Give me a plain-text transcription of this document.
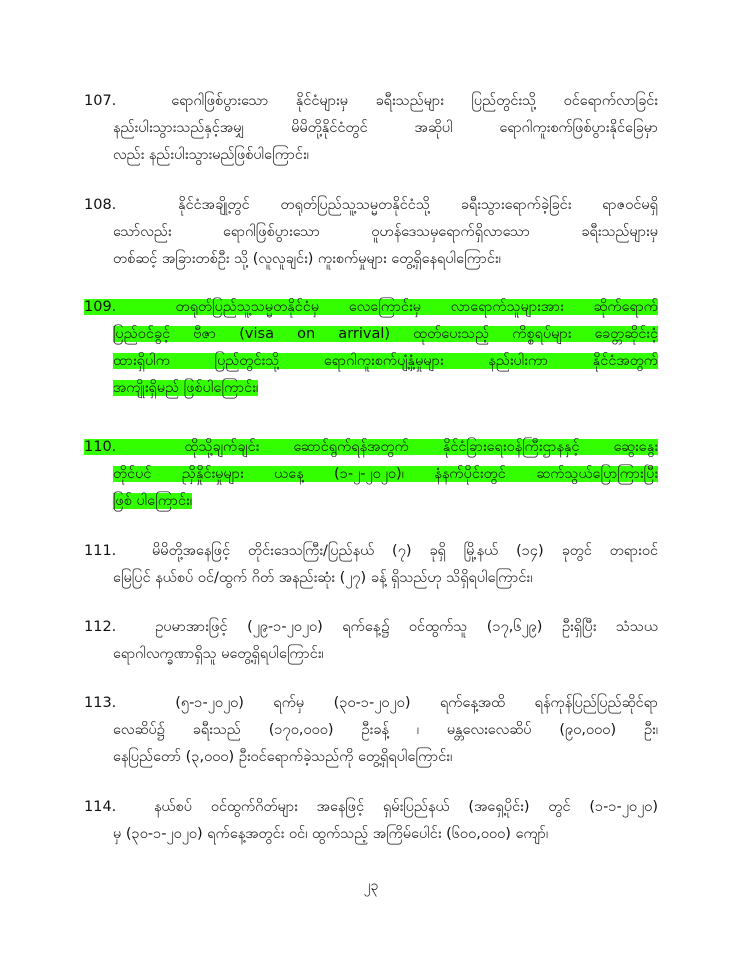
107.	ရောဂါဖြစ်ပွားသော နိုင်ငံများမှ ခရီးသည်များ ပြည်တွင်းသို့ ဝင်ရောက်လာခြင်း
နည်းပါးသွားသည်နှင့်အမျှ မိမိတို့နိုင်ငံတွင် အဆိုပါ ရောဂါကူးစက်ဖြစ်ပွားနိုင်ခြေမှာ
လည်း နည်းပါးသွားမည်ဖြစ်ပါကြောင်း၊
108.	နိုင်ငံအချို့တွင် တရုတ်ပြည်သူ့သမ္မတနိုင်ငံသို့ ခရီးသွားရောက်ခဲ့ခြင်း ရာဇဝင်မရှိ
သော်လည်း ရောဂါဖြစ်ပွားသော ဝူဟန်ဒေသမှရောက်ရှိလာသော ခရီးသည်များမှ
တစ်ဆင့် အခြားတစ်ဦး သို့ (လူလူချင်း) ကူးစက်မှုများ တွေ့ရှိနေရပါကြောင်း၊
109.	တရုတ်ပြည်သူ့သမ္မတနိုင်ငံမှ လေကြောင်းမှ လာရောက်သူများအား ဆိုက်ရောက်
ပြည်ဝင်ခွင့် ဗီဇာ (visa on arrival) ထုတ်ပေးသည့် ကိစ္စရပ်များ ခေတ္တဆိုင်းငံ့
ထားရှိပါက ပြည်တွင်းသို့ ရောဂါကူးစက်ပျံ့နှံ့မှုများ နည်းပါးကာ နိုင်ငံအတွက်
အကျိုးရှိမည် ဖြစ်ပါကြောင်း၊
110.	ထိုသို့ချက်ချင်း ဆောင်ရွက်ရန်အတွက် နိုင်ငံခြားရေးဝန်ကြီးဌာနနှင့် ဆွေးနွေး
တိုင်ပင် ညှိနှိုင်းမှုများ ယနေ့ (၁-၂-၂၀၂၀)၊ နံနက်ပိုင်းတွင် ဆက်သွယ်ပြောကြားပြီး
ဖြစ် ပါကြောင်း၊
111. မိမိတို့အနေဖြင့် တိုင်းဒေသကြီး/ပြည်နယ် (၇) ခုရှိ မြို့နယ် (၁၄) ခုတွင် တရားဝင်
မြေပြင် နယ်စပ် ဝင်/ထွက် ဂိတ် အနည်းဆုံး (၂၇) ခန့် ရှိသည်ဟု သိရှိရပါကြောင်း၊
112.	ဥပမာအားဖြင့် (၂၉-၁-၂၀၂၀) ရက်နေ့၌ ဝင်ထွက်သူ (၁၇,၆၂၉) ဦးရှိပြီး သံသယ
ရောဂါလက္ခဏာရှိသူ မတွေ့ရှိရပါကြောင်း၊
113.	(၅-၁-၂၀၂၀) ရက်မှ (၃၀-၁-၂၀၂၀) ရက်နေ့အထိ ရန်ကုန်ပြည်ပြည်ဆိုင်ရာ
လေဆိပ်၌ ခရီးသည် (၁၇၀,၀၀၀) ဦးခန့် ၊ မန္တလေးလေဆိပ် (၉၀,၀၀၀) ဦး၊
နေပြည်တော် (၃,၀၀၀) ဦးဝင်ရောက်ခဲ့သည်ကို တွေ့ရှိရပါကြောင်း၊
114.	နယ်စပ် ဝင်ထွက်ဂိတ်များ အနေဖြင့် ရှမ်းပြည်နယ် (အရှေ့ပိုင်း) တွင် (၁-၁-၂၀၂၀)
မှ (၃၀-၁-၂၀၂၀) ရက်နေ့အတွင်း ဝင်၊ ထွက်သည့် အကြိမ်ပေါင်း (၆၀၀,၀၀၀) ကျော်၊
၂၃
